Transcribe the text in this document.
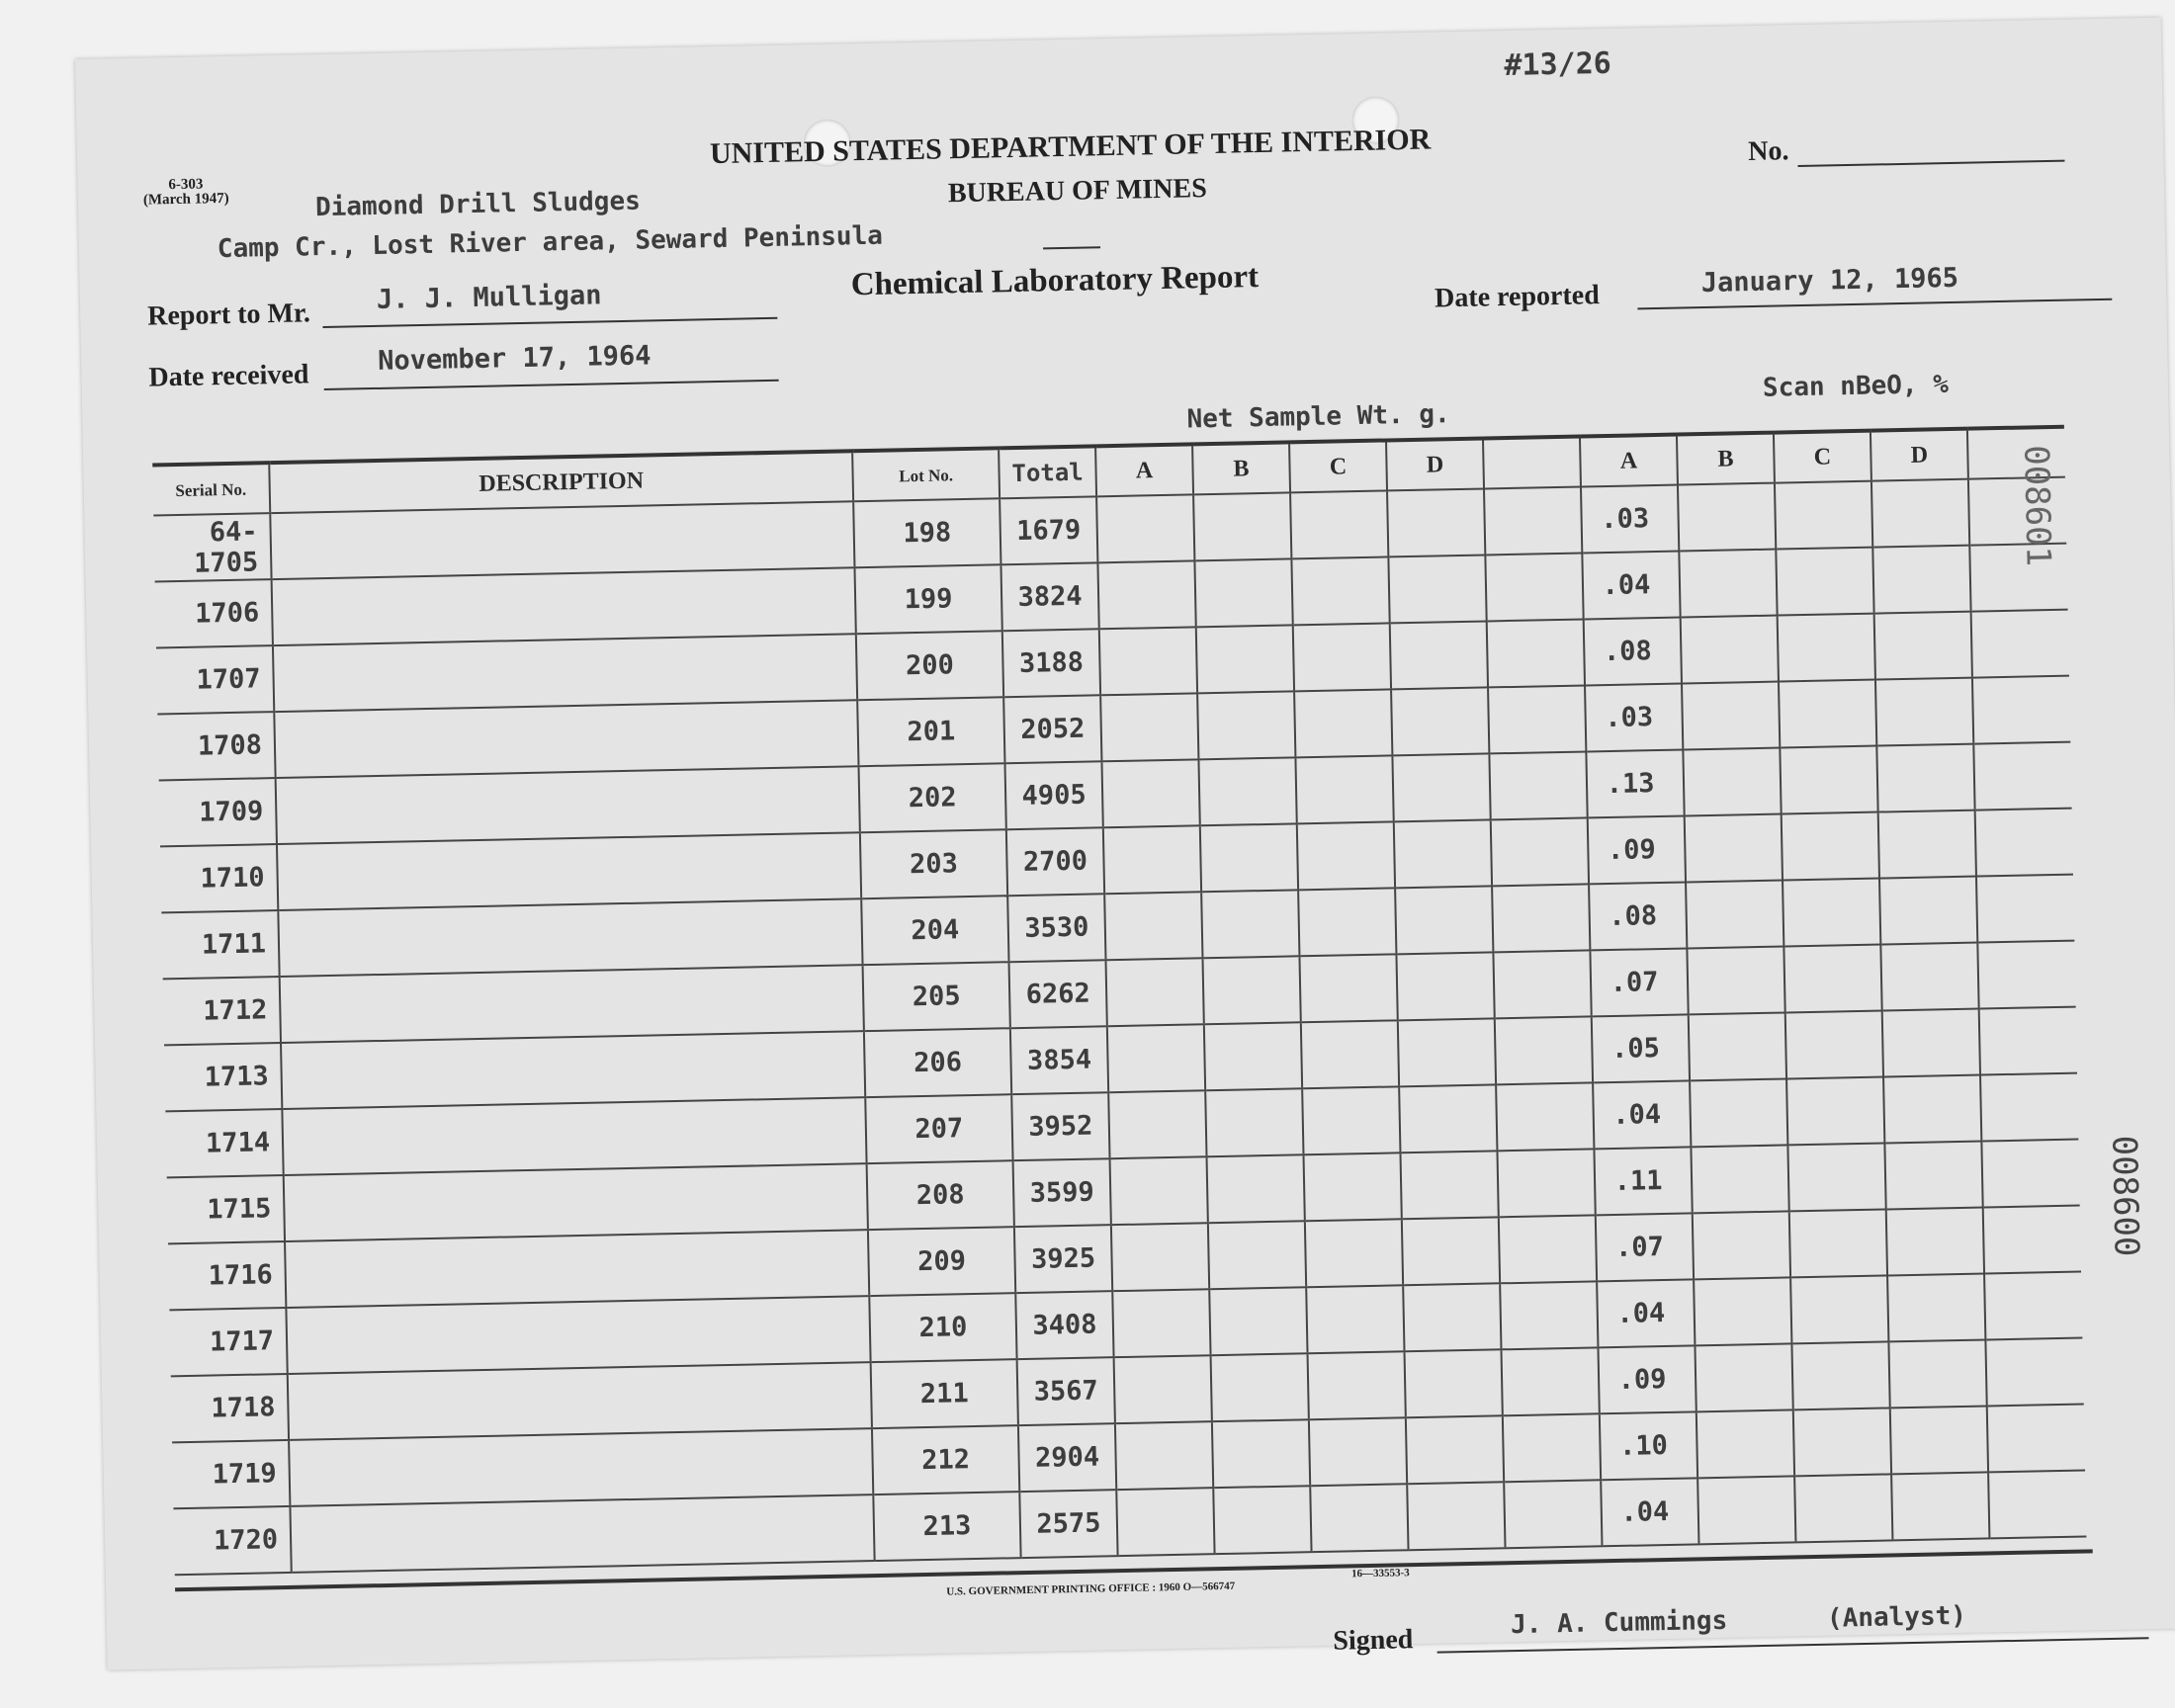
#13/26
6-303
(March 1947)
UNITED STATES DEPARTMENT OF THE INTERIOR
BUREAU OF MINES
No.
Diamond Drill Sludges
Camp Cr., Lost River area, Seward Peninsula
Report to Mr. J. J. Mulligan	Chemical Laboratory Report	Date reported	January 12, 1965
Date received	November 17, 1964
Net Sample Wt. g.
Scan nBeO, %
Serial No.	DESCRIPTION	Lot No.	Total	A	B	C	D		A	B	C	D	
64-1705		198	1679						.03				
1706		199	3824						.04				
1707		200	3188						.08				
1708		201	2052						.03				
1709		202	4905						.13				
1710		203	2700						.09				
1711		204	3530						.08				
1712		205	6262						.07				
1713		206	3854						.05				
1714		207	3952						.04				
1715		208	3599						.11				
1716		209	3925						.07				
1717		210	3408						.04				
1718		211	3567						.09				
1719		212	2904						.10				
1720		213	2575						.04				
U.S. GOVERNMENT PRINTING OFFICE : 1960 O—566747
16—33553-3
Signed
J. A. Cummings	(Analyst)
008601
008600
